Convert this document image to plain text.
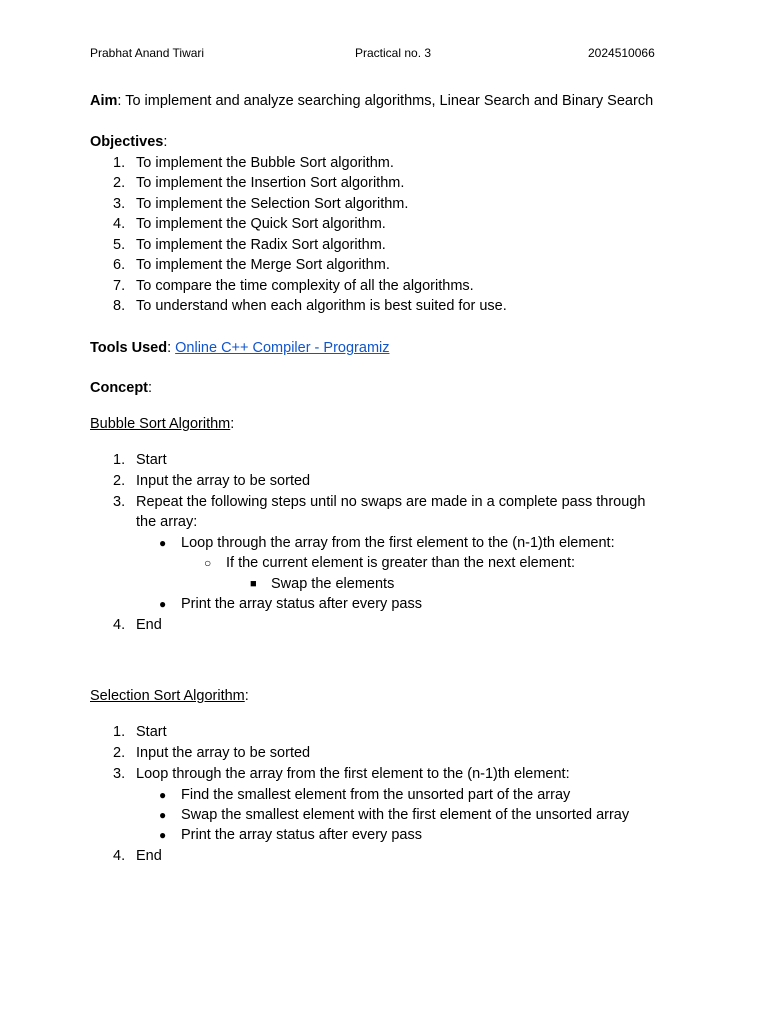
Prabhat Anand Tiwari	Practical no. 3	2024510066
Aim: To implement and analyze searching algorithms, Linear Search and Binary Search
Objectives:
1. To implement the Bubble Sort algorithm.
2. To implement the Insertion Sort algorithm.
3. To implement the Selection Sort algorithm.
4. To implement the Quick Sort algorithm.
5. To implement the Radix Sort algorithm.
6. To implement the Merge Sort algorithm.
7. To compare the time complexity of all the algorithms.
8. To understand when each algorithm is best suited for use.
Tools Used: Online C++ Compiler - Programiz
Concept:
Bubble Sort Algorithm:
1. Start
2. Input the array to be sorted
3. Repeat the following steps until no swaps are made in a complete pass through
the array:
● Loop through the array from the first element to the (n-1)th element:
○ If the current element is greater than the next element:
■ Swap the elements
● Print the array status after every pass
4. End
Selection Sort Algorithm:
1. Start
2. Input the array to be sorted
3. Loop through the array from the first element to the (n-1)th element:
● Find the smallest element from the unsorted part of the array
● Swap the smallest element with the first element of the unsorted array
● Print the array status after every pass
4. End
